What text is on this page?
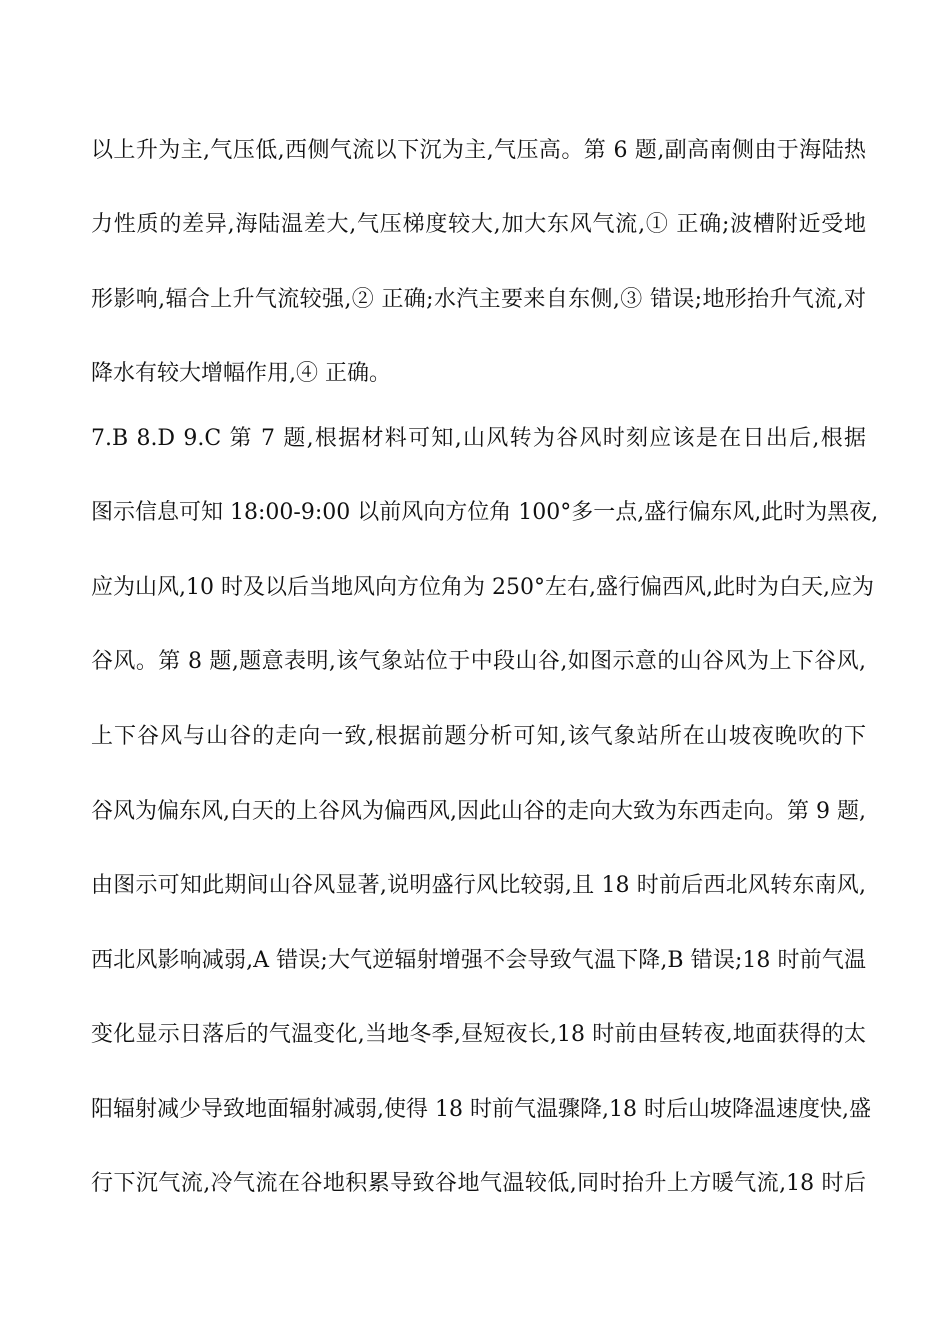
以上升为主,气压低,西侧气流以下沉为主,气压高。第 6 题,副高南侧由于海陆热
力性质的差异,海陆温差大,气压梯度较大,加大东风气流,① 正确;波槽附近受地
形影响,辐合上升气流较强,② 正确;水汽主要来自东侧,③ 错误;地形抬升气流,对
降水有较大增幅作用,④ 正确。
7.B 8.D 9.C 第 7 题,根据材料可知,山风转为谷风时刻应该是在日出后,根据
图示信息可知 18:00-9:00 以前风向方位角 100°多一点,盛行偏东风,此时为黑夜,
应为山风,10 时及以后当地风向方位角为 250°左右,盛行偏西风,此时为白天,应为
谷风。第 8 题,题意表明,该气象站位于中段山谷,如图示意的山谷风为上下谷风,
上下谷风与山谷的走向一致,根据前题分析可知,该气象站所在山坡夜晚吹的下
谷风为偏东风,白天的上谷风为偏西风,因此山谷的走向大致为东西走向。第 9 题,
由图示可知此期间山谷风显著,说明盛行风比较弱,且 18 时前后西北风转东南风,
西北风影响减弱,A 错误;大气逆辐射增强不会导致气温下降,B 错误;18 时前气温
变化显示日落后的气温变化,当地冬季,昼短夜长,18 时前由昼转夜,地面获得的太
阳辐射减少导致地面辐射减弱,使得 18 时前气温骤降,18 时后山坡降温速度快,盛
行下沉气流,冷气流在谷地积累导致谷地气温较低,同时抬升上方暖气流,18 时后
